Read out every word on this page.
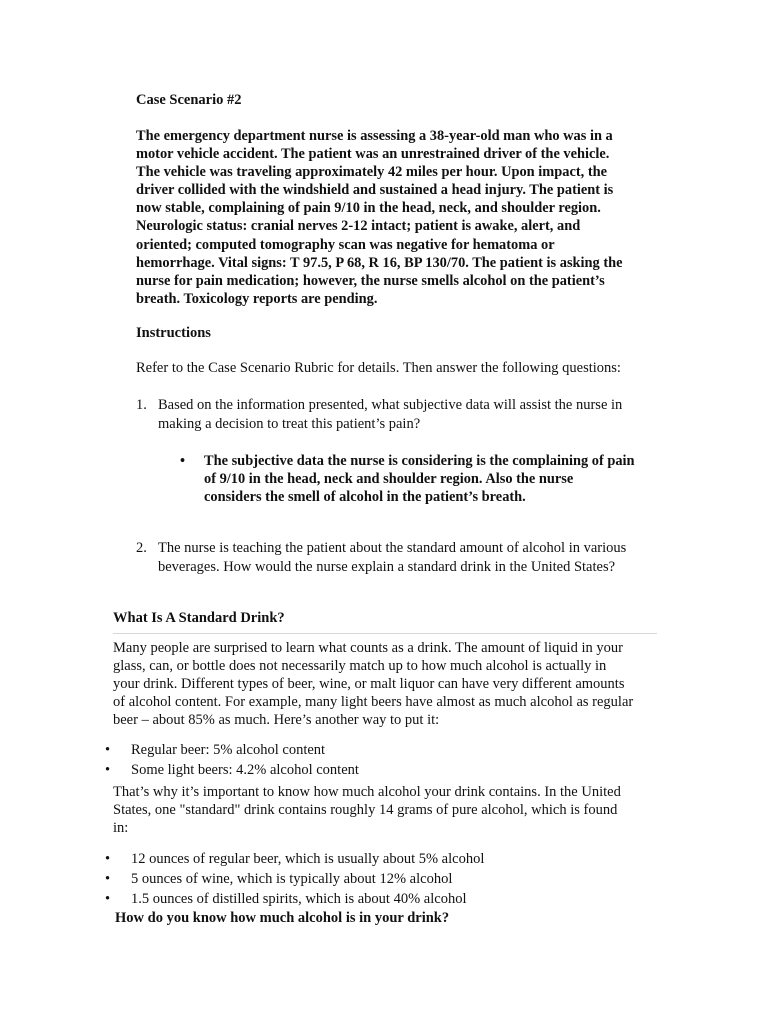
Case Scenario #2

The emergency department nurse is assessing a 38-year-old man who was in a
motor vehicle accident. The patient was an unrestrained driver of the vehicle.
The vehicle was traveling approximately 42 miles per hour. Upon impact, the
driver collided with the windshield and sustained a head injury. The patient is
now stable, complaining of pain 9/10 in the head, neck, and shoulder region.
Neurologic status: cranial nerves 2-12 intact; patient is awake, alert, and
oriented; computed tomography scan was negative for hematoma or
hemorrhage. Vital signs: T 97.5, P 68, R 16, BP 130/70. The patient is asking the
nurse for pain medication; however, the nurse smells alcohol on the patient’s
breath. Toxicology reports are pending.

Instructions

Refer to the Case Scenario Rubric for details. Then answer the following questions:

1. Based on the information presented, what subjective data will assist the nurse in
making a decision to treat this patient’s pain?
• The subjective data the nurse is considering is the complaining of pain
of 9/10 in the head, neck and shoulder region. Also the nurse
considers the smell of alcohol in the patient’s breath.
2. The nurse is teaching the patient about the standard amount of alcohol in various
beverages. How would the nurse explain a standard drink in the United States?
What Is A Standard Drink?

Many people are surprised to learn what counts as a drink. The amount of liquid in your
glass, can, or bottle does not necessarily match up to how much alcohol is actually in
your drink. Different types of beer, wine, or malt liquor can have very different amounts
of alcohol content. For example, many light beers have almost as much alcohol as regular
beer – about 85% as much. Here’s another way to put it:

• Regular beer: 5% alcohol content
• Some light beers: 4.2% alcohol content

That’s why it’s important to know how much alcohol your drink contains. In the United
States, one "standard" drink contains roughly 14 grams of pure alcohol, which is found
in:

• 12 ounces of regular beer, which is usually about 5% alcohol
• 5 ounces of wine, which is typically about 12% alcohol
• 1.5 ounces of distilled spirits, which is about 40% alcohol

How do you know how much alcohol is in your drink?
